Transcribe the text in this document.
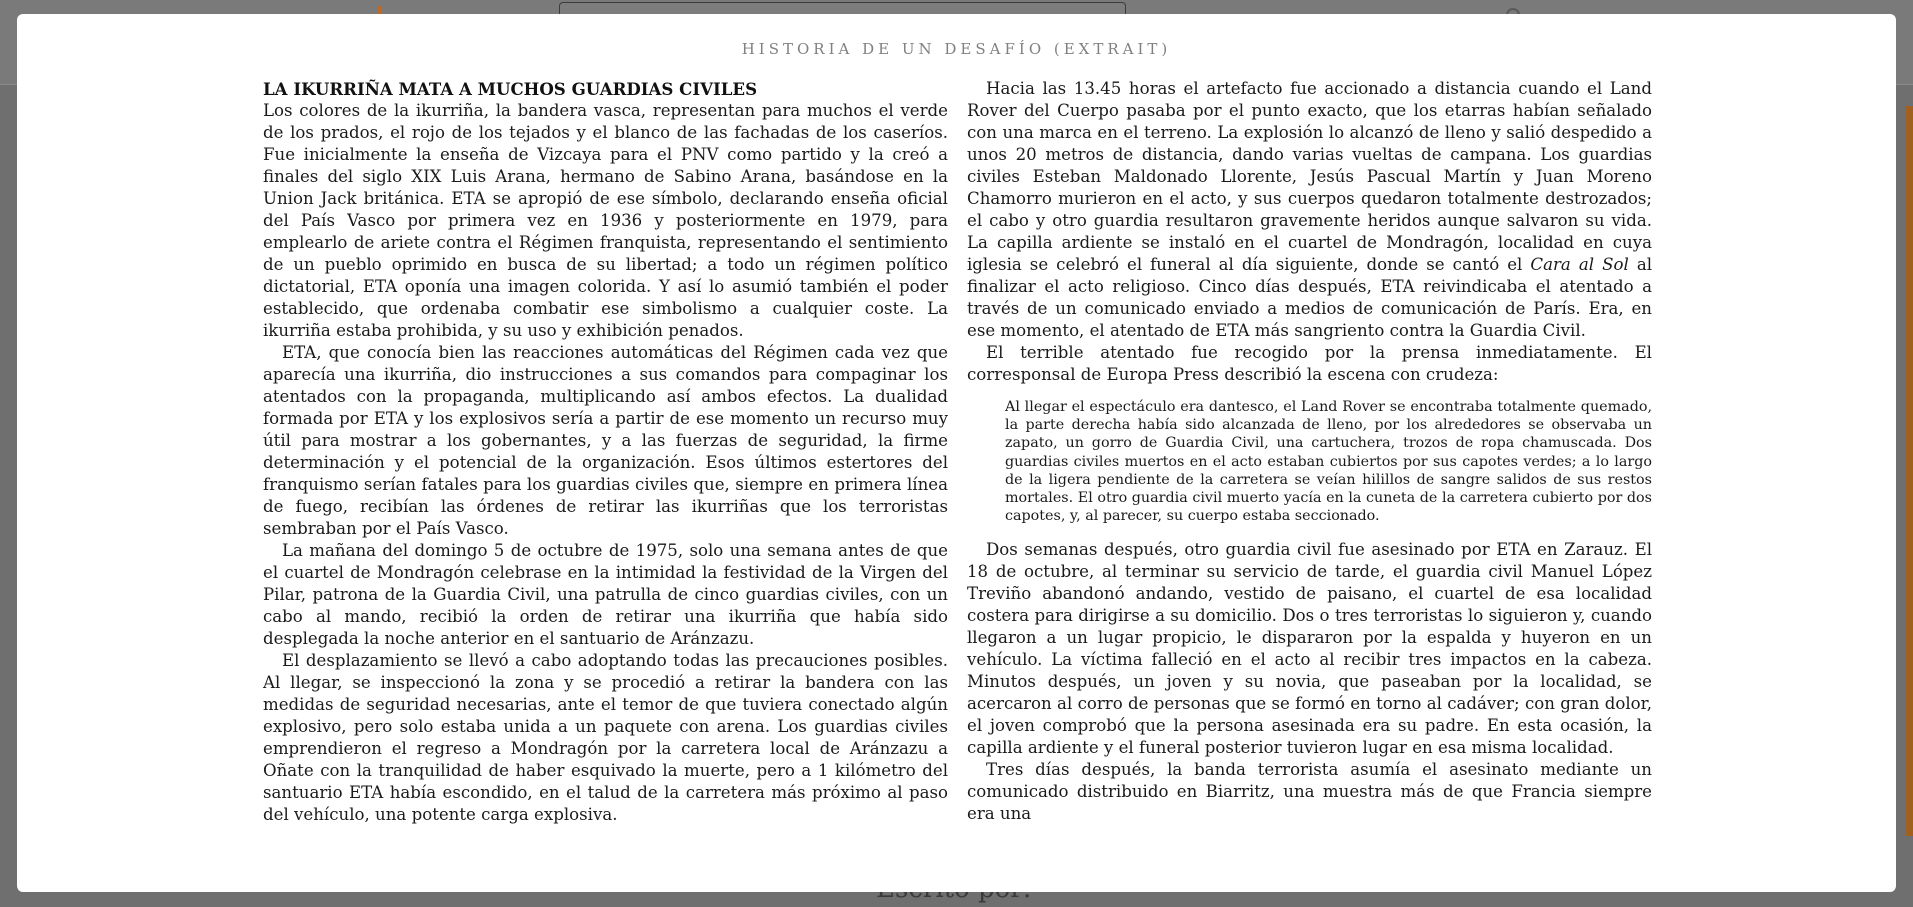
HISTORIA DE UN DESAFÍO (EXTRAIT)
LA IKURRIÑA MATA A MUCHOS GUARDIAS CIVILES

Los colores de la ikurriña, la bandera vasca, representan para muchos el verde de los prados, el rojo de los tejados y el blanco de las fachadas de los caseríos. Fue inicialmente la enseña de Vizcaya para el PNV como partido y la creó a finales del siglo XIX Luis Arana, hermano de Sabino Arana, basándose en la Union Jack británica. ETA se apropió de ese símbolo, declarando enseña oficial del País Vasco por primera vez en 1936 y posteriormente en 1979, para emplearlo de ariete contra el Régimen franquista, representando el sentimiento de un pueblo oprimido en busca de su libertad; a todo un régimen político dictatorial, ETA oponía una imagen colorida. Y así lo asumió también el poder establecido, que ordenaba combatir ese simbolismo a cualquier coste. La ikurriña estaba prohibida, y su uso y exhibición penados.

ETA, que conocía bien las reacciones automáticas del Régimen cada vez que aparecía una ikurriña, dio instrucciones a sus comandos para compaginar los atentados con la propaganda, multiplicando así ambos efectos. La dualidad formada por ETA y los explosivos sería a partir de ese momento un recurso muy útil para mostrar a los gobernantes, y a las fuerzas de seguridad, la firme determinación y el potencial de la organización. Esos últimos estertores del franquismo serían fatales para los guardias civiles que, siempre en primera línea de fuego, recibían las órdenes de retirar las ikurriñas que los terroristas sembraban por el País Vasco.

La mañana del domingo 5 de octubre de 1975, solo una semana antes de que el cuartel de Mondragón celebrase en la intimidad la festividad de la Virgen del Pilar, patrona de la Guardia Civil, una patrulla de cinco guardias civiles, con un cabo al mando, recibió la orden de retirar una ikurriña que había sido desplegada la noche anterior en el santuario de Aránzazu.

El desplazamiento se llevó a cabo adoptando todas las precauciones posibles. Al llegar, se inspeccionó la zona y se procedió a retirar la bandera con las medidas de seguridad necesarias, ante el temor de que tuviera conectado algún explosivo, pero solo estaba unida a un paquete con arena. Los guardias civiles emprendieron el regreso a Mondragón por la carretera local de Aránzazu a Oñate con la tranquilidad de haber esquivado la muerte, pero a 1 kilómetro del santuario ETA había escondido, en el talud de la carretera más próximo al paso del vehículo, una potente carga explosiva.

Hacia las 13.45 horas el artefacto fue accionado a distancia cuando el Land Rover del Cuerpo pasaba por el punto exacto, que los etarras habían señalado con una marca en el terreno. La explosión lo alcanzó de lleno y salió despedido a unos 20 metros de distancia, dando varias vueltas de campana. Los guardias civiles Esteban Maldonado Llorente, Jesús Pascual Martín y Juan Moreno Chamorro murieron en el acto, y sus cuerpos quedaron totalmente destrozados; el cabo y otro guardia resultaron gravemente heridos aunque salvaron su vida. La capilla ardiente se instaló en el cuartel de Mondragón, localidad en cuya iglesia se celebró el funeral al día siguiente, donde se cantó el Cara al Sol al finalizar el acto religioso. Cinco días después, ETA reivindicaba el atentado a través de un comunicado enviado a medios de comunicación de París. Era, en ese momento, el atentado de ETA más sangriento contra la Guardia Civil.

El terrible atentado fue recogido por la prensa inmediatamente. El corresponsal de Europa Press describió la escena con crudeza:

Al llegar el espectáculo era dantesco, el Land Rover se encontraba totalmente quemado, la parte derecha había sido alcanzada de lleno, por los alrededores se observaba un zapato, un gorro de Guardia Civil, una cartuchera, trozos de ropa chamuscada. Dos guardias civiles muertos en el acto estaban cubiertos por sus capotes verdes; a lo largo de la ligera pendiente de la carretera se veían hilillos de sangre salidos de sus restos mortales. El otro guardia civil muerto yacía en la cuneta de la carretera cubierto por dos capotes, y, al parecer, su cuerpo estaba seccionado.

Dos semanas después, otro guardia civil fue asesinado por ETA en Zarauz. El 18 de octubre, al terminar su servicio de tarde, el guardia civil Manuel López Treviño abandonó andando, vestido de paisano, el cuartel de esa localidad costera para dirigirse a su domicilio. Dos o tres terroristas lo siguieron y, cuando llegaron a un lugar propicio, le dispararon por la espalda y huyeron en un vehículo. La víctima falleció en el acto al recibir tres impactos en la cabeza. Minutos después, un joven y su novia, que paseaban por la localidad, se acercaron al corro de personas que se formó en torno al cadáver; con gran dolor, el joven comprobó que la persona asesinada era su padre. En esta ocasión, la capilla ardiente y el funeral posterior tuvieron lugar en esa misma localidad.

Tres días después, la banda terrorista asumía el asesinato mediante un comunicado distribuido en Biarritz, una muestra más de que Francia siempre era una
